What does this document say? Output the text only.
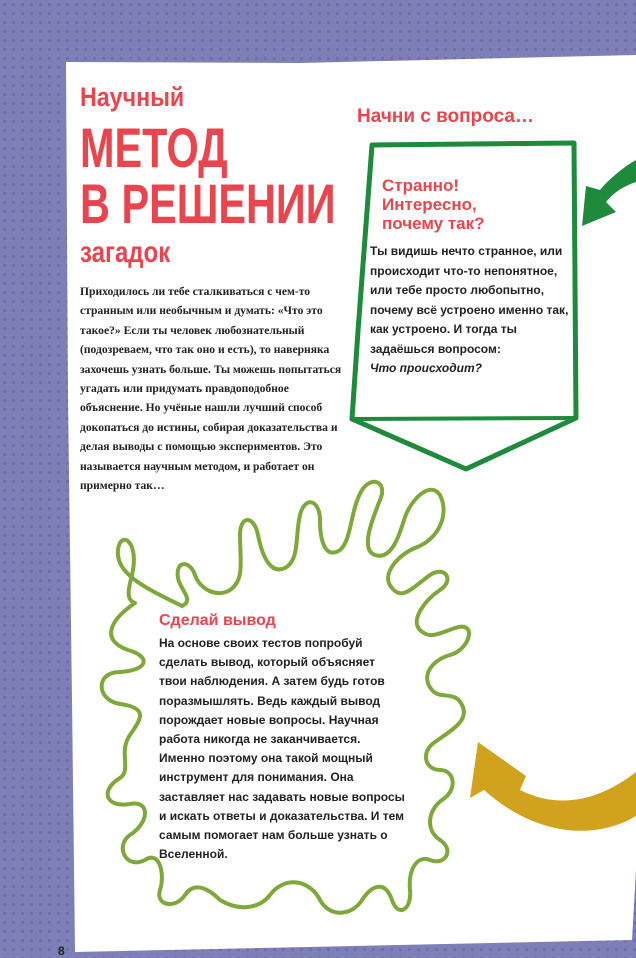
Научный
МЕТОД
В РЕШЕНИИ
загадок

Приходилось ли тебе сталкиваться с чем-то странным или необычным и думать: «Что это такое?» Если ты человек любознательный (подозреваем, что так оно и есть), то наверняка захочешь узнать больше. Ты можешь попытаться угадать или придумать правдоподобное объяснение. Но учёные нашли лучший способ докопаться до истины, собирая доказательства и делая выводы с помощью экспериментов. Это называется научным методом, и работает он примерно так…

Начни с вопроса…
Странно! Интересно, почему так?

Ты видишь нечто странное, или происходит что-то непонятное, или тебе просто любопытно, почему всё устроено именно так, как устроено. И тогда ты задаёшься вопросом:

Что происходит?

Сделай вывод

На основе своих тестов попробуй сделать вывод, который объясняет твои наблюдения. А затем будь готов поразмышлять. Ведь каждый вывод порождает новые вопросы. Научная работа никогда не заканчивается. Именно поэтому она такой мощный инструмент для понимания. Она заставляет нас задавать новые вопросы и искать ответы и доказательства. И тем самым помогает нам больше узнать о Вселенной.

8
